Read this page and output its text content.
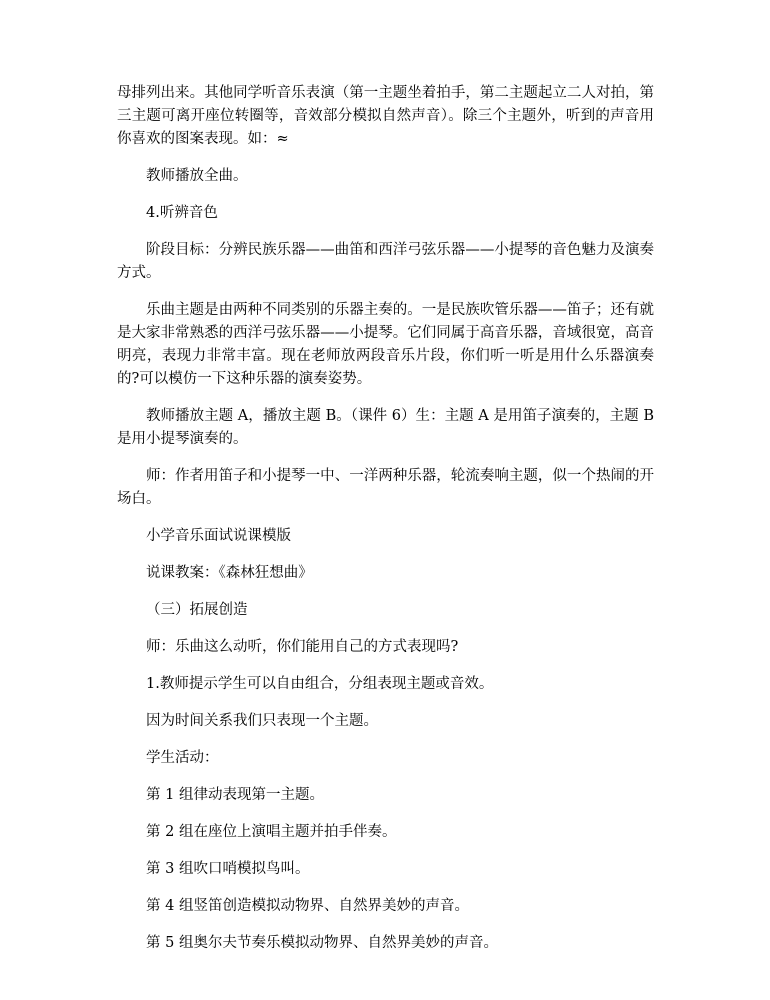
母排列出来。其他同学听音乐表演（第一主题坐着拍手，第二主题起立二人对拍，第三主题可离开座位转圈等，音效部分模拟自然声音）。除三个主题外，听到的声音用你喜欢的图案表现。如：≈

教师播放全曲。

4.听辨音色

阶段目标：分辨民族乐器——曲笛和西洋弓弦乐器——小提琴的音色魅力及演奏方式。

乐曲主题是由两种不同类别的乐器主奏的。一是民族吹管乐器——笛子；还有就是大家非常熟悉的西洋弓弦乐器——小提琴。它们同属于高音乐器，音域很宽，高音明亮，表现力非常丰富。现在老师放两段音乐片段，你们听一听是用什么乐器演奏的?可以模仿一下这种乐器的演奏姿势。

教师播放主题 A，播放主题 B。（课件 6）生：主题 A 是用笛子演奏的，主题 B 是用小提琴演奏的。

师：作者用笛子和小提琴一中、一洋两种乐器，轮流奏响主题，似一个热闹的开场白。

小学音乐面试说课模版

说课教案：《森林狂想曲》

（三）拓展创造

师：乐曲这么动听，你们能用自己的方式表现吗?

1.教师提示学生可以自由组合，分组表现主题或音效。

因为时间关系我们只表现一个主题。

学生活动：

第 1 组律动表现第一主题。

第 2 组在座位上演唱主题并拍手伴奏。

第 3 组吹口哨模拟鸟叫。

第 4 组竖笛创造模拟动物界、自然界美妙的声音。

第 5 组奥尔夫节奏乐模拟动物界、自然界美妙的声音。
